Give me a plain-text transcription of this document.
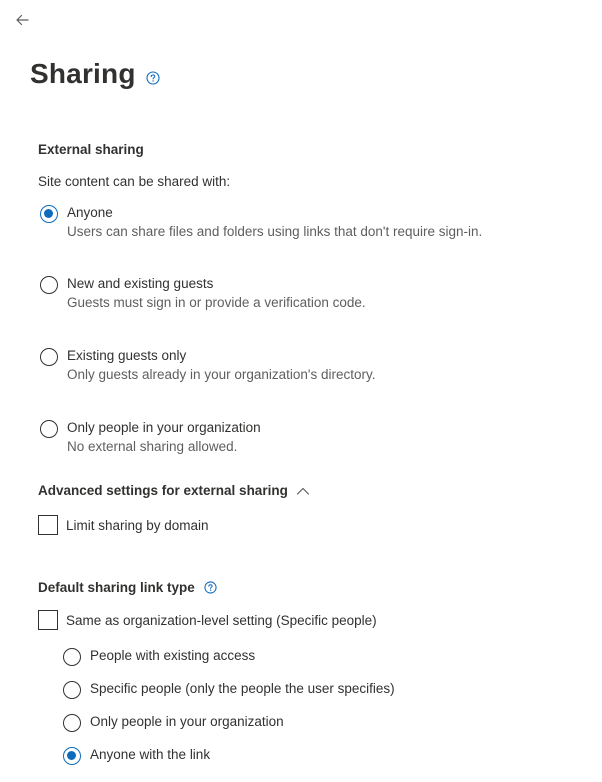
Sharing
External sharing
Site content can be shared with:
Anyone
Users can share files and folders using links that don't require sign-in.
New and existing guests
Guests must sign in or provide a verification code.
Existing guests only
Only guests already in your organization's directory.
Only people in your organization
No external sharing allowed.
Advanced settings for external sharing
Limit sharing by domain
Default sharing link type
Same as organization-level setting (Specific people)
People with existing access
Specific people (only the people the user specifies)
Only people in your organization
Anyone with the link
